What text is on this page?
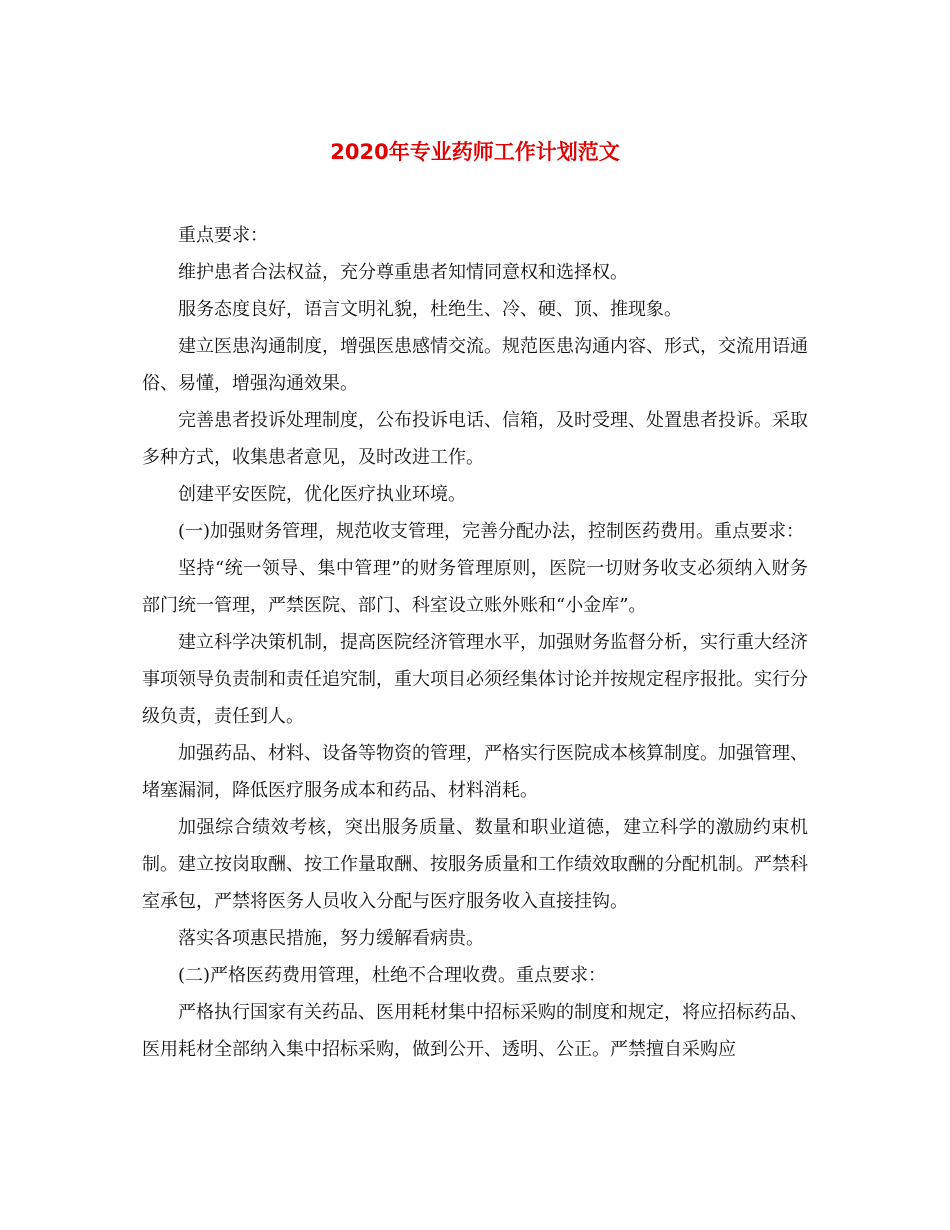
2020年专业药师工作计划范文

重点要求：

维护患者合法权益，充分尊重患者知情同意权和选择权。

服务态度良好，语言文明礼貌，杜绝生、冷、硬、顶、推现象。

建立医患沟通制度，增强医患感情交流。规范医患沟通内容、形式，交流用语通俗、易懂，增强沟通效果。

完善患者投诉处理制度，公布投诉电话、信箱，及时受理、处置患者投诉。采取多种方式，收集患者意见，及时改进工作。

创建平安医院，优化医疗执业环境。

(一)加强财务管理，规范收支管理，完善分配办法，控制医药费用。重点要求：

坚持“统一领导、集中管理”的财务管理原则，医院一切财务收支必须纳入财务部门统一管理，严禁医院、部门、科室设立账外账和“小金库”。

建立科学决策机制，提高医院经济管理水平，加强财务监督分析，实行重大经济事项领导负责制和责任追究制，重大项目必须经集体讨论并按规定程序报批。实行分级负责，责任到人。

加强药品、材料、设备等物资的管理，严格实行医院成本核算制度。加强管理、堵塞漏洞，降低医疗服务成本和药品、材料消耗。

加强综合绩效考核，突出服务质量、数量和职业道德，建立科学的激励约束机制。建立按岗取酬、按工作量取酬、按服务质量和工作绩效取酬的分配机制。严禁科室承包，严禁将医务人员收入分配与医疗服务收入直接挂钩。

落实各项惠民措施，努力缓解看病贵。

(二)严格医药费用管理，杜绝不合理收费。重点要求：

严格执行国家有关药品、医用耗材集中招标采购的制度和规定，将应招标药品、医用耗材全部纳入集中招标采购，做到公开、透明、公正。严禁擅自采购应
